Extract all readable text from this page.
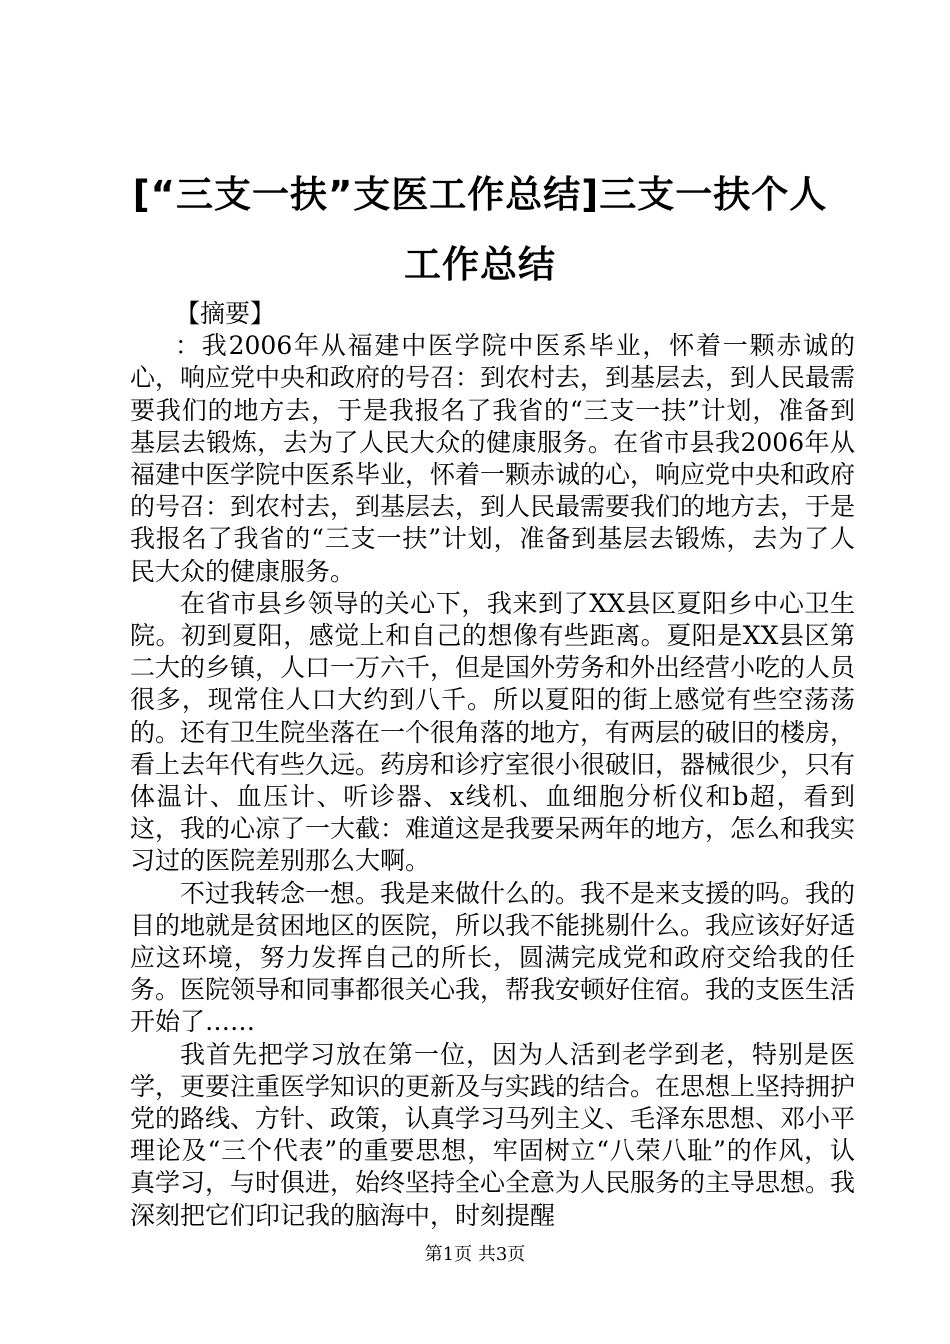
[“三支一扶”支医工作总结]三支一扶个人工作总结

【摘要】

：我2006年从福建中医学院中医系毕业，怀着一颗赤诚的心，响应党中央和政府的号召：到农村去，到基层去，到人民最需要我们的地方去，于是我报名了我省的“三支一扶”计划，准备到基层去锻炼，去为了人民大众的健康服务。在省市县我2006年从福建中医学院中医系毕业，怀着一颗赤诚的心，响应党中央和政府的号召：到农村去，到基层去，到人民最需要我们的地方去，于是我报名了我省的“三支一扶”计划，准备到基层去锻炼，去为了人民大众的健康服务。

在省市县乡领导的关心下，我来到了XX县区夏阳乡中心卫生院。初到夏阳，感觉上和自己的想像有些距离。夏阳是XX县区第二大的乡镇，人口一万六千，但是国外劳务和外出经营小吃的人员很多，现常住人口大约到八千。所以夏阳的街上感觉有些空荡荡的。还有卫生院坐落在一个很角落的地方，有两层的破旧的楼房，看上去年代有些久远。药房和诊疗室很小很破旧，器械很少，只有体温计、血压计、听诊器、x线机、血细胞分析仪和b超，看到这，我的心凉了一大截：难道这是我要呆两年的地方，怎么和我实习过的医院差别那么大啊。

不过我转念一想。我是来做什么的。我不是来支援的吗。我的目的地就是贫困地区的医院，所以我不能挑剔什么。我应该好好适应这环境，努力发挥自己的所长，圆满完成党和政府交给我的任务。医院领导和同事都很关心我，帮我安顿好住宿。我的支医生活开始了……

我首先把学习放在第一位，因为人活到老学到老，特别是医学，更要注重医学知识的更新及与实践的结合。在思想上坚持拥护党的路线、方针、政策，认真学习马列主义、毛泽东思想、邓小平理论及“三个代表”的重要思想，牢固树立“八荣八耻”的作风，认真学习，与时俱进，始终坚持全心全意为人民服务的主导思想。我深刻把它们印记我的脑海中，时刻提醒

第1页 共3页
